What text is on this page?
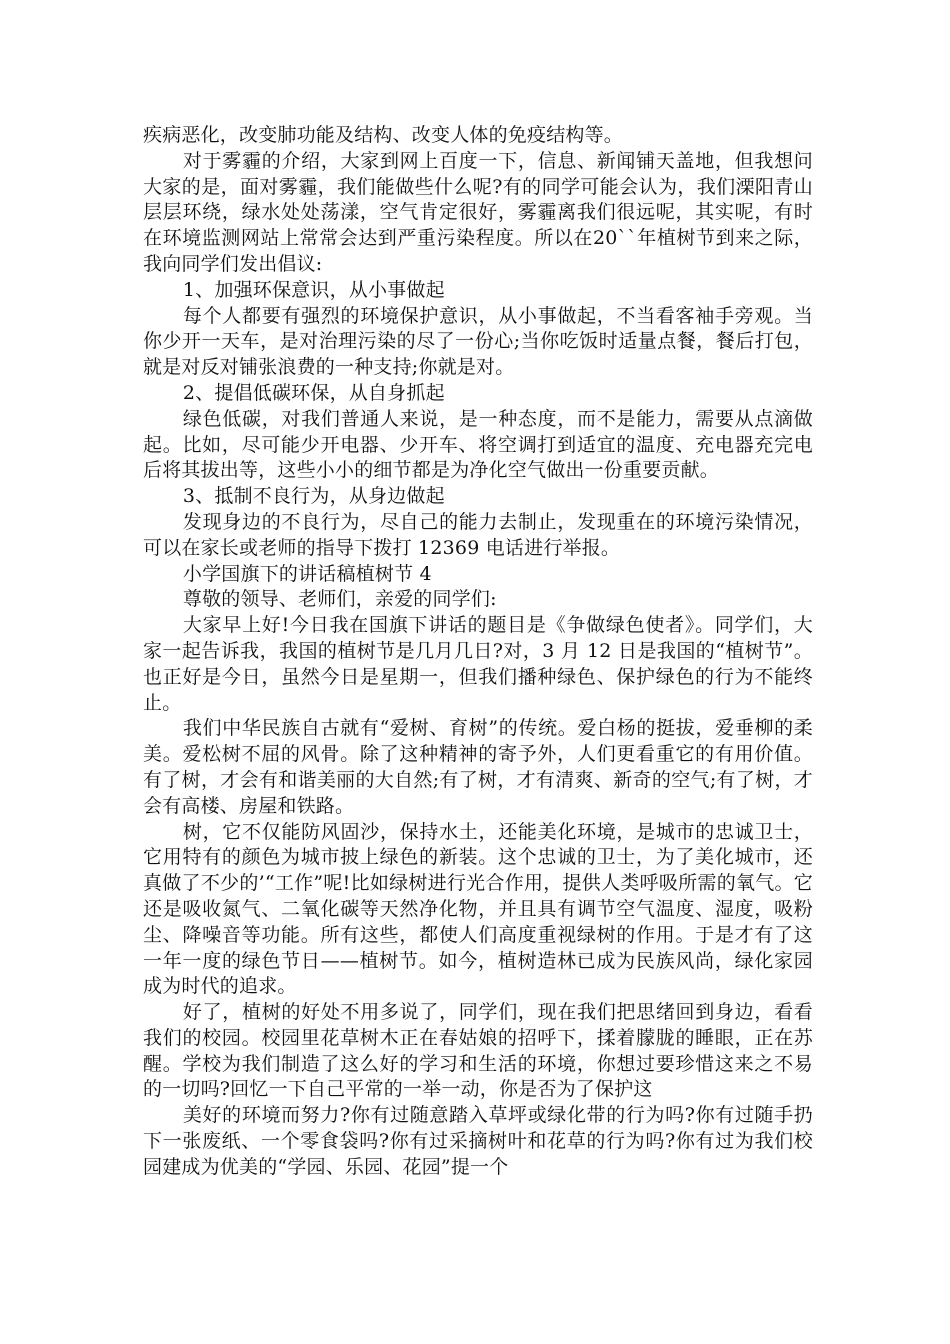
疾病恶化，改变肺功能及结构、改变人体的免疫结构等。

对于雾霾的介绍，大家到网上百度一下，信息、新闻铺天盖地，但我想问大家的是，面对雾霾，我们能做些什么呢?有的同学可能会认为，我们溧阳青山层层环绕，绿水处处荡漾，空气肯定很好，雾霾离我们很远呢，其实呢，有时在环境监测网站上常常会达到严重污染程度。所以在20``年植树节到来之际，我向同学们发出倡议:

1、加强环保意识，从小事做起

每个人都要有强烈的环境保护意识，从小事做起，不当看客袖手旁观。当你少开一天车，是对治理污染的尽了一份心;当你吃饭时适量点餐，餐后打包，就是对反对铺张浪费的一种支持;你就是对。

2、提倡低碳环保，从自身抓起

绿色低碳，对我们普通人来说，是一种态度，而不是能力，需要从点滴做起。比如，尽可能少开电器、少开车、将空调打到适宜的温度、充电器充完电后将其拔出等，这些小小的细节都是为净化空气做出一份重要贡献。

3、抵制不良行为，从身边做起

发现身边的不良行为，尽自己的能力去制止，发现重在的环境污染情况，可以在家长或老师的指导下拨打 12369 电话进行举报。

小学国旗下的讲话稿植树节 4

尊敬的领导、老师们，亲爱的同学们:

大家早上好!今日我在国旗下讲话的题目是《争做绿色使者》。同学们，大家一起告诉我，我国的植树节是几月几日?对，3 月 12 日是我国的“植树节”。也正好是今日，虽然今日是星期一，但我们播种绿色、保护绿色的行为不能终止。

我们中华民族自古就有“爱树、育树”的传统。爱白杨的挺拔，爱垂柳的柔美。爱松树不屈的风骨。除了这种精神的寄予外，人们更看重它的有用价值。有了树，才会有和谐美丽的大自然;有了树，才有清爽、新奇的空气;有了树，才会有高楼、房屋和铁路。

树，它不仅能防风固沙，保持水土，还能美化环境，是城市的忠诚卫士，它用特有的颜色为城市披上绿色的新装。这个忠诚的卫士，为了美化城市，还真做了不少的’“工作”呢!比如绿树进行光合作用，提供人类呼吸所需的氧气。它还是吸收氮气、二氧化碳等天然净化物，并且具有调节空气温度、湿度，吸粉尘、降噪音等功能。所有这些，都使人们高度重视绿树的作用。于是才有了这一年一度的绿色节日——植树节。如今，植树造林已成为民族风尚，绿化家园成为时代的追求。

好了，植树的好处不用多说了，同学们，现在我们把思绪回到身边，看看我们的校园。校园里花草树木正在春姑娘的招呼下，揉着朦胧的睡眼，正在苏醒。学校为我们制造了这么好的学习和生活的环境，你想过要珍惜这来之不易的一切吗?回忆一下自己平常的一举一动，你是否为了保护这

美好的环境而努力?你有过随意踏入草坪或绿化带的行为吗?你有过随手扔下一张废纸、一个零食袋吗?你有过采摘树叶和花草的行为吗?你有过为我们校园建成为优美的“学园、乐园、花园”提一个
